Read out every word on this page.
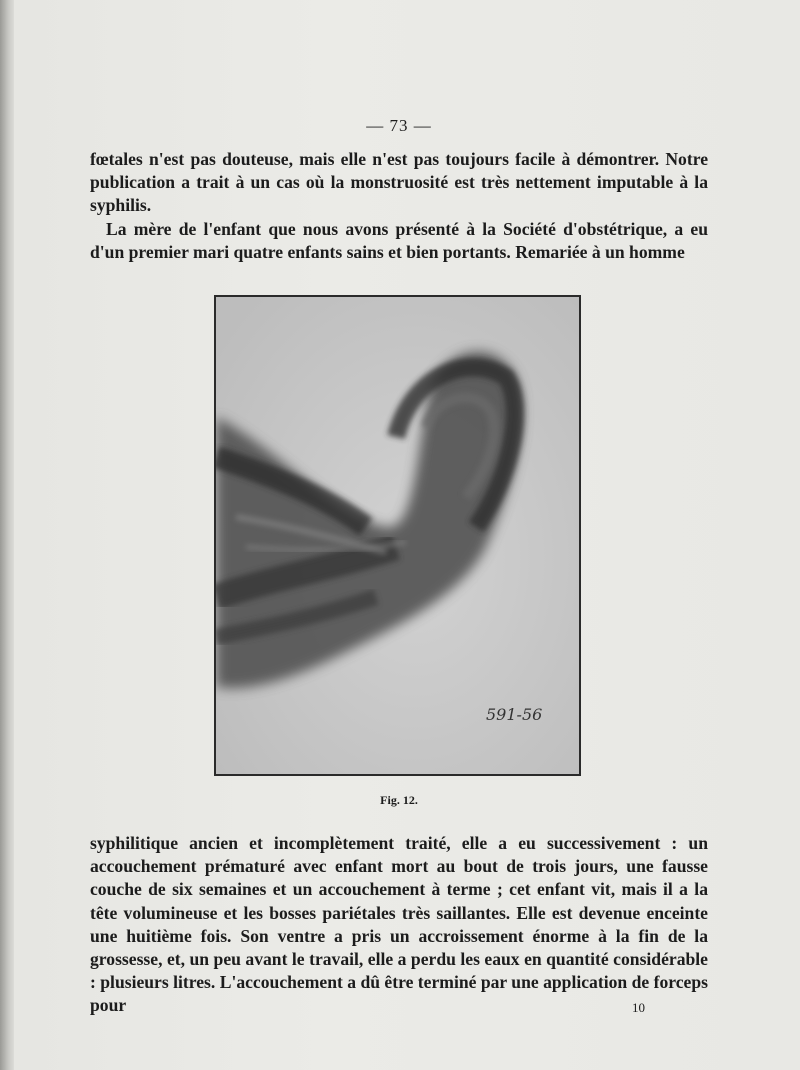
— 73 —

fœtales n'est pas douteuse, mais elle n'est pas toujours facile à démontrer. Notre publication a trait à un cas où la monstruosité est très nettement imputable à la syphilis.

La mère de l'enfant que nous avons présenté à la Société d'obstétrique, a eu d'un premier mari quatre enfants sains et bien portants. Remariée à un homme

591-56
Fig. 12.

syphilitique ancien et incomplètement traité, elle a eu successivement : un accouchement prématuré avec enfant mort au bout de trois jours, une fausse couche de six semaines et un accouchement à terme ; cet enfant vit, mais il a la tête volumineuse et les bosses pariétales très saillantes. Elle est devenue enceinte une huitième fois. Son ventre a pris un accroissement énorme à la fin de la grossesse, et, un peu avant le travail, elle a perdu les eaux en quantité considérable : plusieurs litres. L'accouchement a dû être terminé par une application de forceps pour	10
